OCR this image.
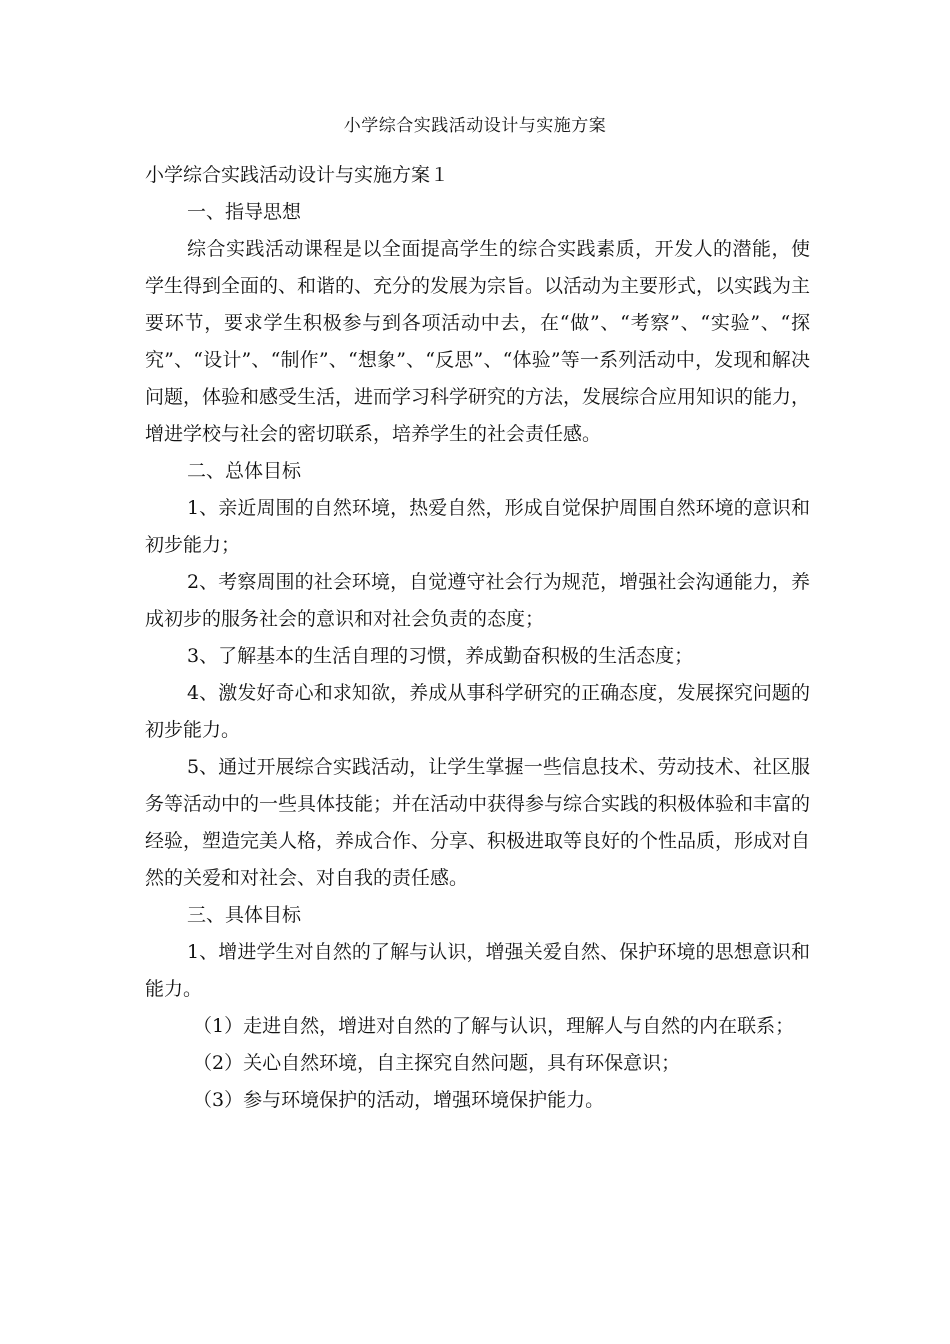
小学综合实践活动设计与实施方案

小学综合实践活动设计与实施方案１

一、指导思想

综合实践活动课程是以全面提高学生的综合实践素质，开发人的潜能，使学生得到全面的、和谐的、充分的发展为宗旨。以活动为主要形式，以实践为主要环节，要求学生积极参与到各项活动中去，在“做”、“考察”、“实验”、“探究”、“设计”、“制作”、“想象”、“反思”、“体验”等一系列活动中，发现和解决问题，体验和感受生活，进而学习科学研究的方法，发展综合应用知识的能力，增进学校与社会的密切联系，培养学生的社会责任感。

二、总体目标

1、亲近周围的自然环境，热爱自然，形成自觉保护周围自然环境的意识和初步能力；

2、考察周围的社会环境，自觉遵守社会行为规范，增强社会沟通能力，养成初步的服务社会的意识和对社会负责的态度；

3、了解基本的生活自理的习惯，养成勤奋积极的生活态度；

4、激发好奇心和求知欲，养成从事科学研究的正确态度，发展探究问题的初步能力。

5、通过开展综合实践活动，让学生掌握一些信息技术、劳动技术、社区服务等活动中的一些具体技能；并在活动中获得参与综合实践的积极体验和丰富的经验，塑造完美人格，养成合作、分享、积极进取等良好的个性品质，形成对自然的关爱和对社会、对自我的责任感。

三、具体目标

1、增进学生对自然的了解与认识，增强关爱自然、保护环境的思想意识和能力。

（1）走进自然，增进对自然的了解与认识，理解人与自然的内在联系；

（2）关心自然环境，自主探究自然问题，具有环保意识；

（3）参与环境保护的活动，增强环境保护能力。
